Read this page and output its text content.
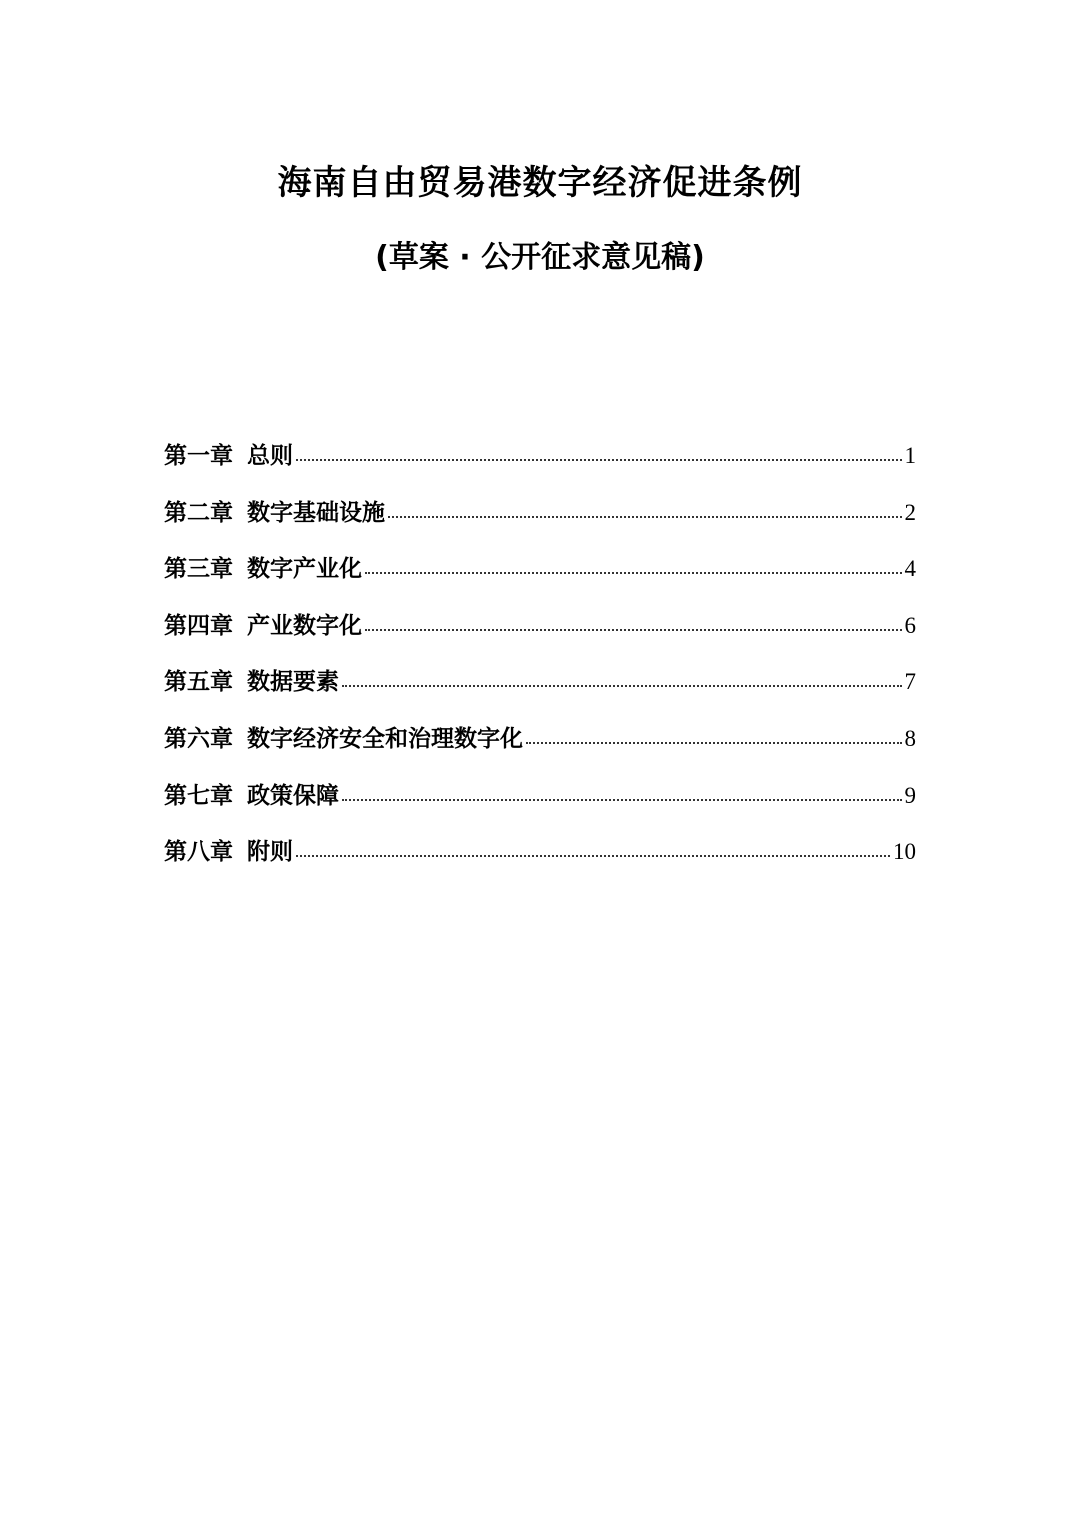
海南自由贸易港数字经济促进条例
(草案 · 公开征求意见稿)
第一章 总则	1
第二章 数字基础设施	2
第三章 数字产业化	4
第四章 产业数字化	6
第五章 数据要素	7
第六章 数字经济安全和治理数字化	8
第七章 政策保障	9
第八章 附则	10
